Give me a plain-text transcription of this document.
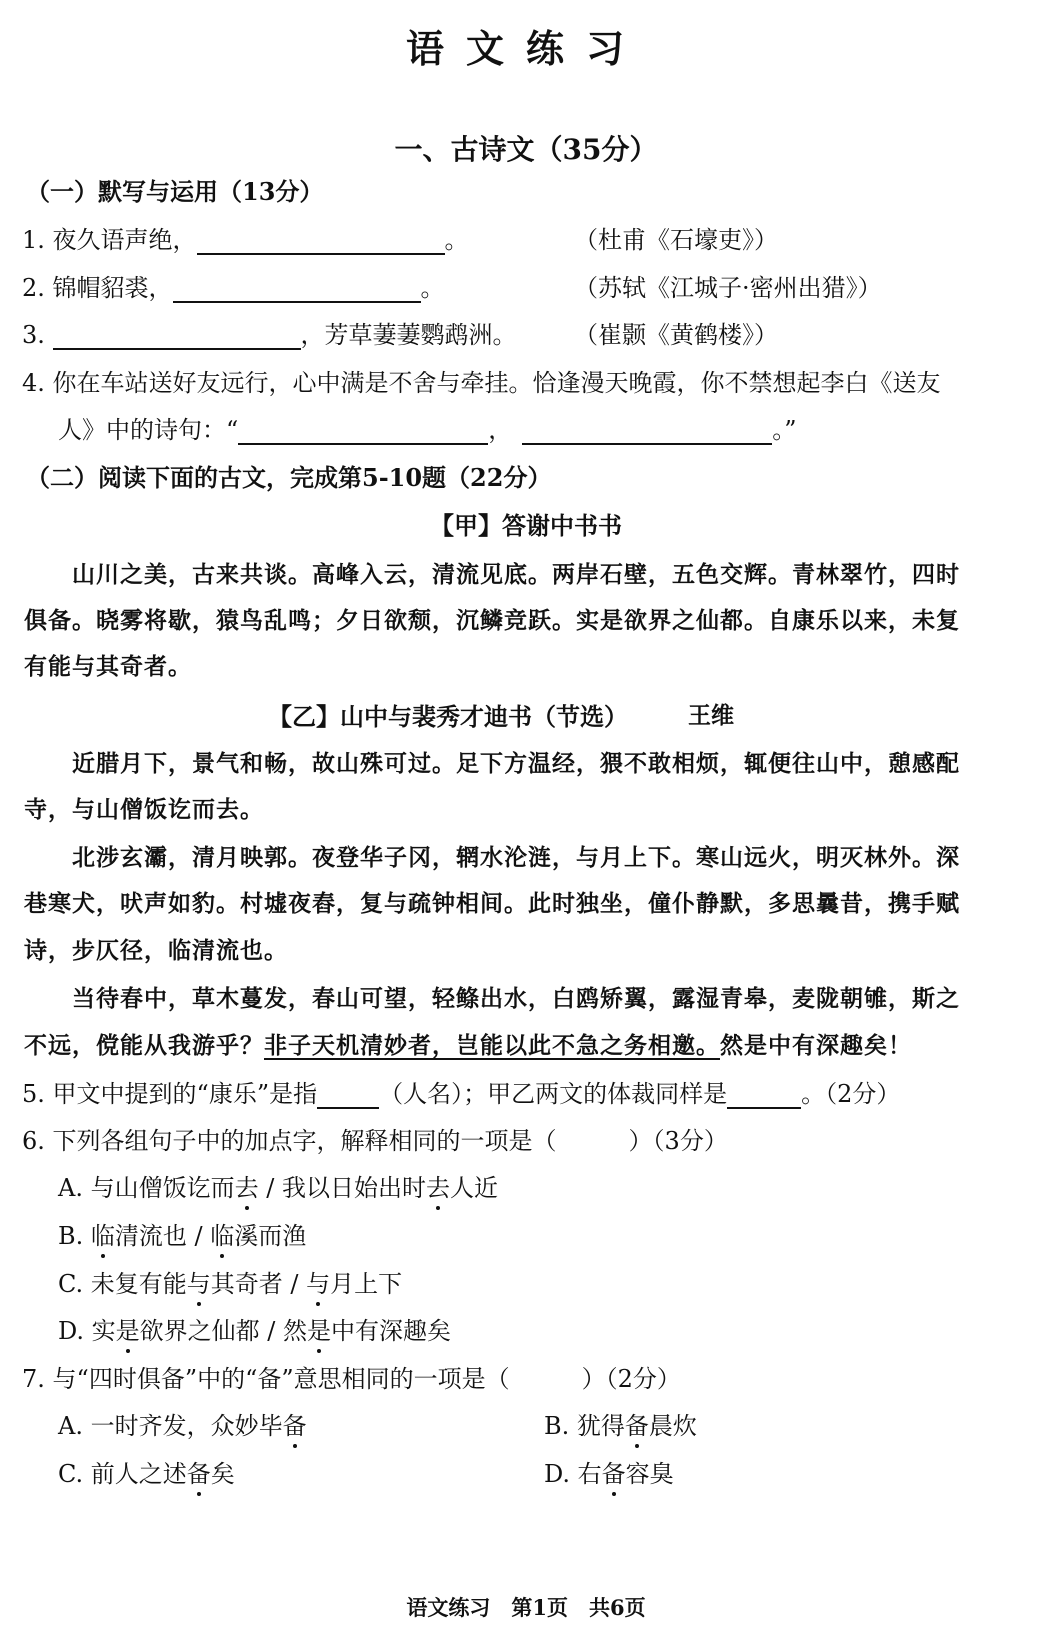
语文练习
一、古诗文（35分）
（一）默写与运用（13分）
1. 夜久语声绝，	。	（杜甫《石壕吏》）
2. 锦帽貂裘，	。	（苏轼《江城子·密州出猎》）
3.	，芳草萋萋鹦鹉洲。 （崔颢《黄鹤楼》）
4. 你在车站送好友远行，心中满是不舍与牵挂。恰逢漫天晚霞，你不禁想起李白《送友
人》中的诗句：“	，	。”
（二）阅读下面的古文，完成第5-10题（22分）
【甲】答谢中书书
山川之美，古来共谈。高峰入云，清流见底。两岸石壁，五色交辉。青林翠竹，四时
俱备。晓雾将歇，猿鸟乱鸣；夕日欲颓，沉鳞竞跃。实是欲界之仙都。自康乐以来，未复
有能与其奇者。
【乙】山中与裴秀才迪书（节选）	王维
近腊月下，景气和畅，故山殊可过。足下方温经，猥不敢相烦，辄便往山中，憩感配
寺，与山僧饭讫而去。
北涉玄灞，清月映郭。夜登华子冈，辋水沦涟，与月上下。寒山远火，明灭林外。深
巷寒犬，吠声如豹。村墟夜舂，复与疏钟相间。此时独坐，僮仆静默，多思曩昔，携手赋
诗，步仄径，临清流也。
当待春中，草木蔓发，春山可望，轻鲦出水，白鸥矫翼，露湿青皋，麦陇朝雊，斯之
不远，傥能从我游乎？非子天机清妙者，岂能以此不急之务相邀。然是中有深趣矣！
5. 甲文中提到的“康乐”是指	（人名）；甲乙两文的体裁同样是	。（2分）
6. 下列各组句子中的加点字，解释相同的一项是（　　　）（3分）
A. 与山僧饭讫而去 / 我以日始出时去人近
B. 临清流也 / 临溪而渔
C. 未复有能与其奇者 / 与月上下
D. 实是欲界之仙都 / 然是中有深趣矣
7. 与“四时俱备”中的“备”意思相同的一项是（　　　）（2分）
A. 一时齐发，众妙毕备	B. 犹得备晨炊
C. 前人之述备矣	D. 右备容臭
语文练习　第1页　共6页
